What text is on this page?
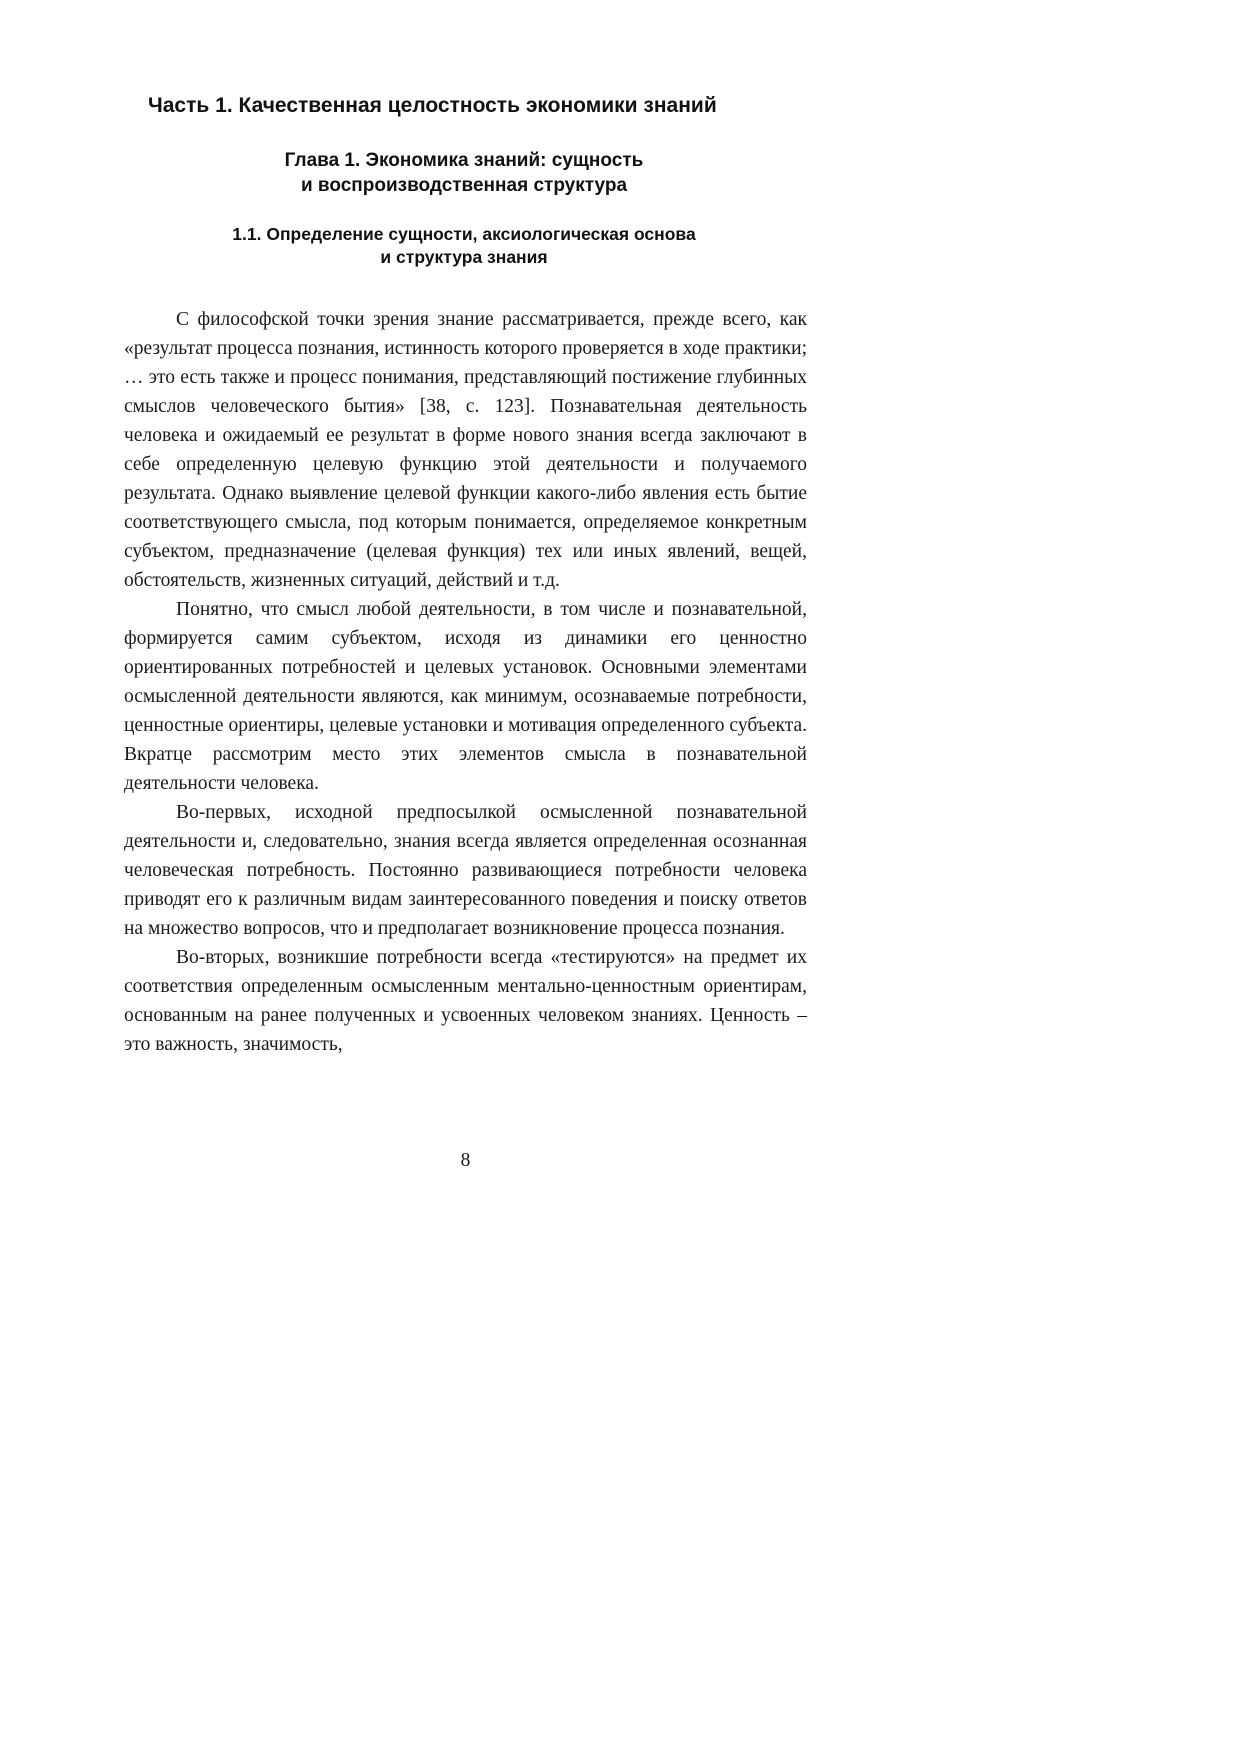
Часть 1. Качественная целостность экономики знаний
Глава 1. Экономика знаний: сущность
и воспроизводственная структура
1.1. Определение сущности, аксиологическая основа
и структура знания

С философской точки зрения знание рассматривается, прежде всего, как «результат процесса познания, истинность которого проверяется в ходе практики; … это есть также и процесс понимания, представляющий постижение глубинных смыслов человеческого бытия» [38, с. 123]. Познавательная деятельность человека и ожидаемый ее результат в форме нового знания всегда заключают в себе определенную целевую функцию этой деятельности и получаемого результата. Однако выявление целевой функции какого-либо явления есть бытие соответствующего смысла, под которым понимается, определяемое конкретным субъектом, предназначение (целевая функция) тех или иных явлений, вещей, обстоятельств, жизненных ситуаций, действий и т.д.

Понятно, что смысл любой деятельности, в том числе и познавательной, формируется самим субъектом, исходя из динамики его ценностно ориентированных потребностей и целевых установок. Основными элементами осмысленной деятельности являются, как минимум, осознаваемые потребности, ценностные ориентиры, целевые установки и мотивация определенного субъекта. Вкратце рассмотрим место этих элементов смысла в познавательной деятельности человека.

Во-первых, исходной предпосылкой осмысленной познавательной деятельности и, следовательно, знания всегда является определенная осознанная человеческая потребность. Постоянно развивающиеся потребности человека приводят его к различным видам заинтересованного поведения и поиску ответов на множество вопросов, что и предполагает возникновение процесса познания.

Во-вторых, возникшие потребности всегда «тестируются» на предмет их соответствия определенным осмысленным ментально-ценностным ориентирам, основанным на ранее полученных и усвоенных человеком знаниях. Ценность – это важность, значимость,

8
